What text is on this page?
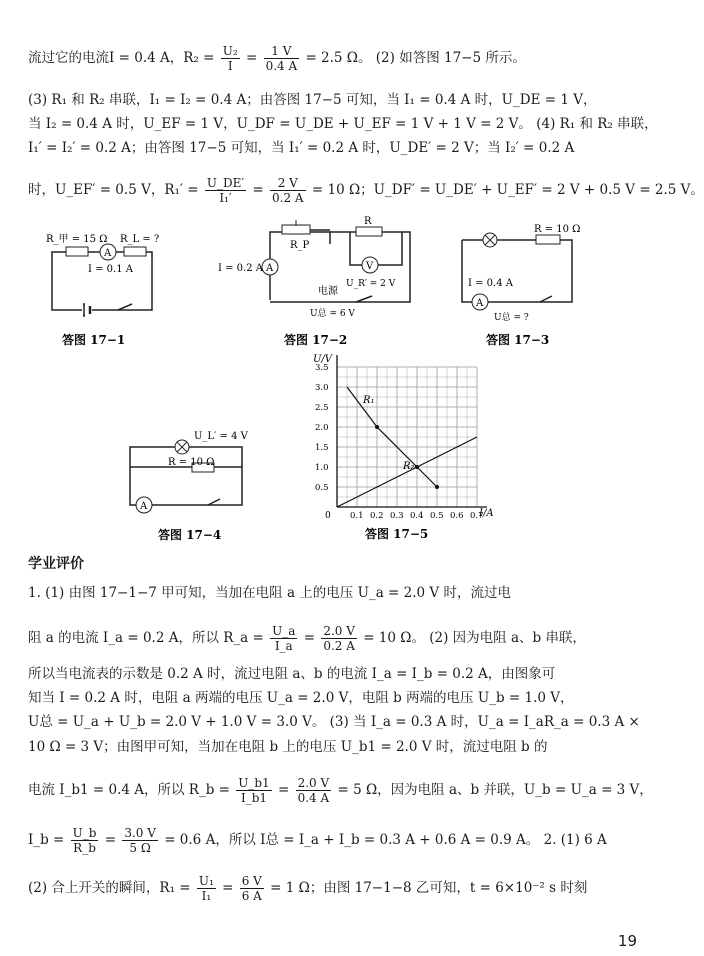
流过它的电流I = 0.4 A，$R_2 = \frac{\text{U₂}}{I} = \frac{1 V}{0.4 A} = 2.5$ Ω。 (2) 如答图 17−5 所示。
(3) R₁ 和 R₂ 串联，I₁ = I₂ = 0.4 A；由答图 17−5 可知，当 I₁ = 0.4 A 时，U_DE = 1 V，
当 I₂ = 0.4 A 时，U_EF = 1 V，U_DF = U_DE + U_EF = 1 V + 1 V = 2 V。 (4) R₁ 和 R₂ 串联，
I₁′ = I₂′ = 0.2 A；由答图 17−5 可知，当 I₁′ = 0.2 A 时，U_DE′ = 2 V；当 I₂′ = 0.2 A
时，U_EF′ = 0.5 V，$R_1' = \frac{U\_DE'}{\text{I₁′}} = \frac{2 V}{0.2 A} = 10$ Ω；U_DF′ = U_DE′ + U_EF′ = 2 V + 0.5 V = 2.5 V。
A
R_甲 = 15 Ω R_L = ?
I = 0.1 A
R_P
R
V
U_R′ = 2 V
A
I = 0.2 A
电源
U总 = 6 V
R = 10 Ω
I = 0.4 A
A
U总 = ?
答图 17−1	答图 17−2	答图 17−3
U_L′ = 4 V
R = 10 Ω
A
答图 17−4
0.1 0.2 0.3 0.4 0.5 0.6 0.7
0.5
1.0
1.5
2.0
2.5
3.0
3.5
R₁
R₂
U/V
I/A
0
答图 17−5
学业评价
1. (1) 由图 17−1−7 甲可知，当加在电阻 a 上的电压 U_a = 2.0 V 时，流过电
阻 a 的电流 I_a = 0.2 A，所以 R_a = $\frac{U\_a}{I\_a} = \frac{2.0 V}{0.2 A} = 10$ Ω。 (2) 因为电阻 a、b 串联，
所以当电流表的示数是 0.2 A 时，流过电阻 a、b 的电流 I_a = I_b = 0.2 A，由图象可
知当 I = 0.2 A 时，电阻 a 两端的电压 U_a = 2.0 V，电阻 b 两端的电压 U_b = 1.0 V，
U总 = U_a + U_b = 2.0 V + 1.0 V = 3.0 V。 (3) 当 I_a = 0.3 A 时，U_a = I_aR_a = 0.3 A ×
10 Ω = 3 V；由图甲可知，当加在电阻 b 上的电压 U_b1 = 2.0 V 时，流过电阻 b 的
电流 I_b1 = 0.4 A，所以 R_b = $\frac{U\_b1}{I\_b1} = \frac{2.0 V}{0.4 A} = 5$ Ω，因为电阻 a、b 并联，U_b = U_a = 3 V，
I_b = $\frac{U\_b}{R\_b} = \frac{3.0 V}{5 \Omega} = 0.6$ A，所以 I总 = I_a + I_b = 0.3 A + 0.6 A = 0.9 A。 2. (1) 6 A
(2) 合上开关的瞬间，$R_1 = \frac{\text{U₁}}{\text{I₁}} = \frac{6 V}{6 A} = 1$ Ω；由图 17−1−8 乙可知，t = 6×10⁻² s 时刻
19
